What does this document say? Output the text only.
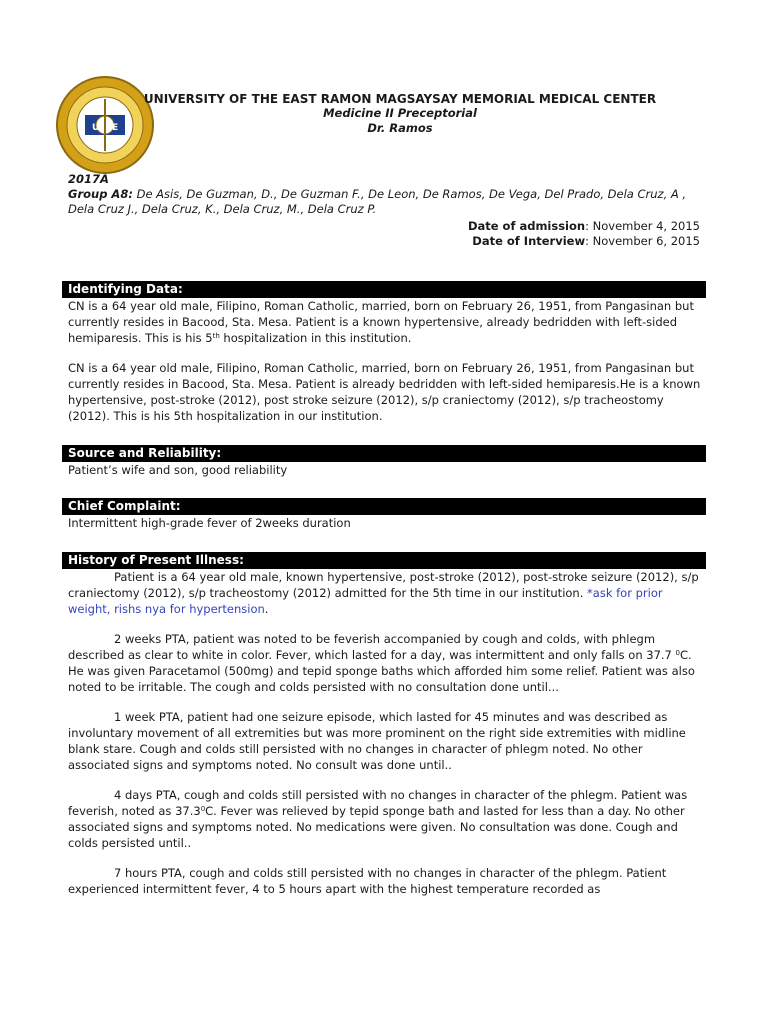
U E
UNIVERSITY OF THE EAST RAMON MAGSAYSAY MEMORIAL MEDICAL CENTER
Medicine II Preceptorial
Dr. Ramos
2017A
Group A8: De Asis, De Guzman, D., De Guzman F., De Leon, De Ramos, De Vega, Del Prado, Dela Cruz, A , Dela Cruz J., Dela Cruz, K., Dela Cruz, M., Dela Cruz P.
Date of admission: November 4, 2015
Date of Interview: November 6, 2015
Identifying Data:

CN is a 64 year old male, Filipino, Roman Catholic, married, born on February 26, 1951, from Pangasinan but currently resides in Bacood, Sta. Mesa. Patient is a known hypertensive, already bedridden with left-sided hemiparesis. This is his 5th hospitalization in this institution.

CN is a 64 year old male, Filipino, Roman Catholic, married, born on February 26, 1951, from Pangasinan but currently resides in Bacood, Sta. Mesa. Patient is already bedridden with left-sided hemiparesis.He is a known hypertensive, post-stroke (2012), post stroke seizure (2012), s/p craniectomy (2012), s/p tracheostomy (2012). This is his 5th hospitalization in our institution.

Source and Reliability:
Patient’s wife and son, good reliability
Chief Complaint:
Intermittent high-grade fever of 2weeks duration
History of Present Illness:

Patient is a 64 year old male, known hypertensive, post-stroke (2012), post-stroke seizure (2012), s/p craniectomy (2012), s/p tracheostomy (2012) admitted for the 5th time in our institution. *ask for prior weight, rishs nya for hypertension.

2 weeks PTA, patient was noted to be feverish accompanied by cough and colds, with phlegm described as clear to white in color. Fever, which lasted for a day, was intermittent and only falls on 37.7 $^0$C. He was given Paracetamol (500mg) and tepid sponge baths which afforded him some relief. Patient was also noted to be irritable. The cough and colds persisted with no consultation done until...

1 week PTA, patient had one seizure episode, which lasted for 45 minutes and was described as involuntary movement of all extremities but was more prominent on the right side extremities with midline blank stare. Cough and colds still persisted with no changes in character of phlegm noted. No other associated signs and symptoms noted. No consult was done until..

4 days PTA, cough and colds still persisted with no changes in character of the phlegm. Patient was feverish, noted as 37.3$^0$C. Fever was relieved by tepid sponge bath and lasted for less than a day. No other associated signs and symptoms noted. No medications were given. No consultation was done. Cough and colds persisted until..

7 hours PTA, cough and colds still persisted with no changes in character of the phlegm. Patient experienced intermittent fever, 4 to 5 hours apart with the highest temperature recorded as
